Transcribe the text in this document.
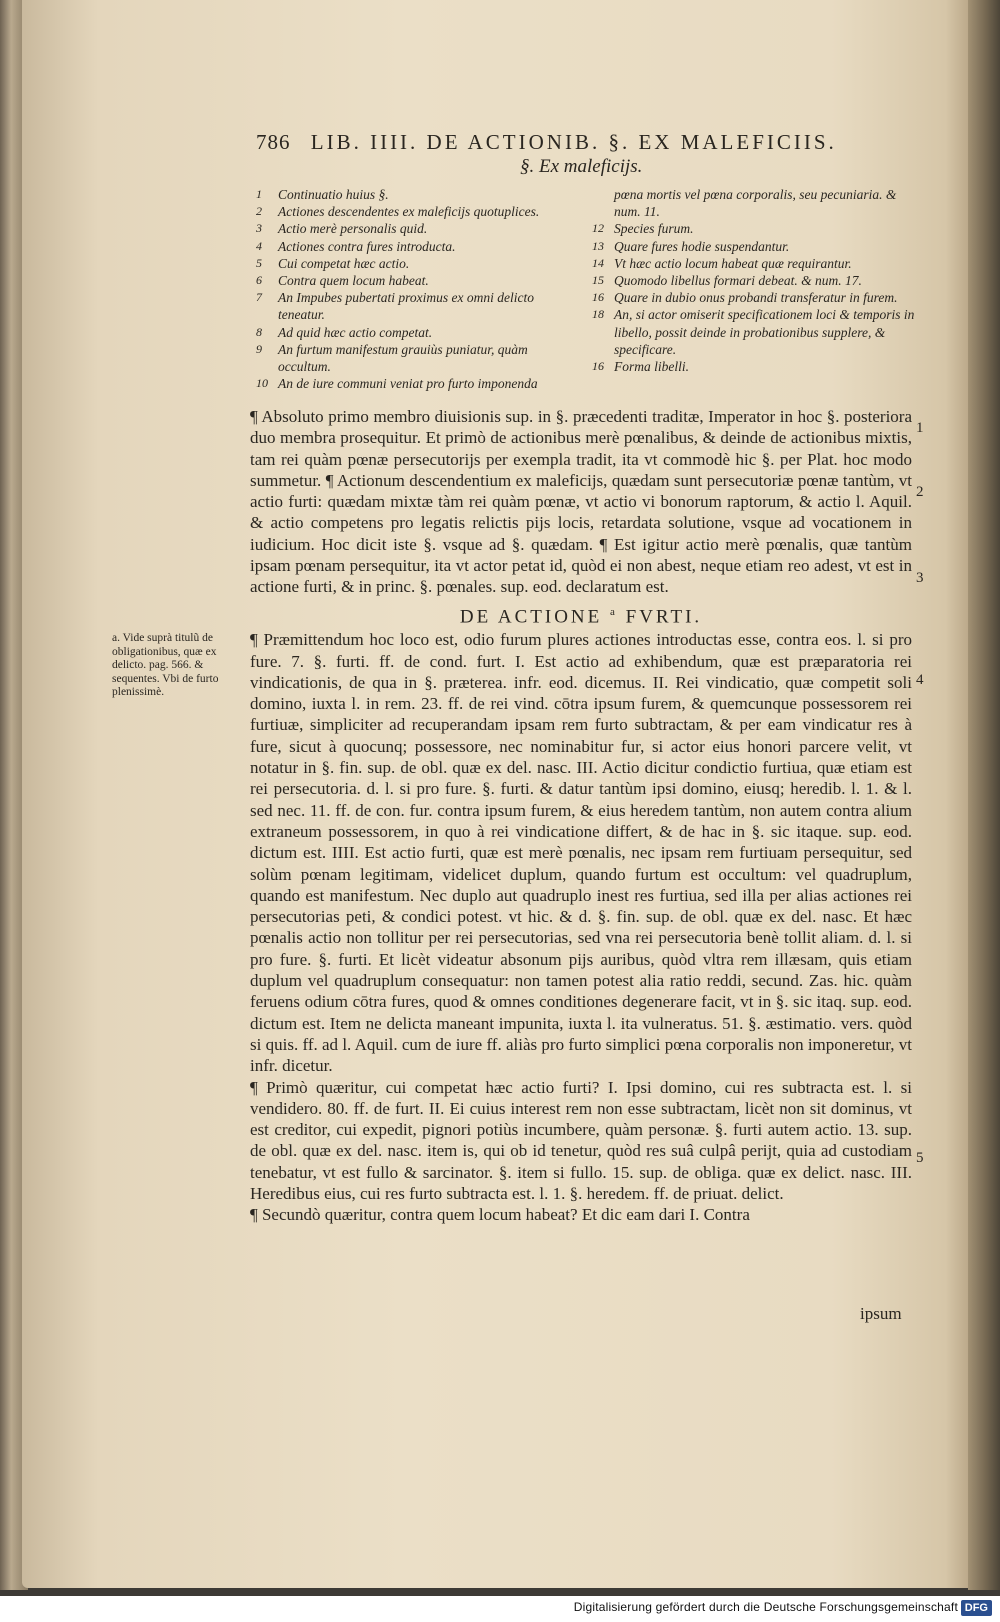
786 LIB. IIII. DE ACTIONIB. §. EX MALEFICIIS.
§. Ex maleficijs.
1	Continuatio huius §.
2	Actiones descendentes ex maleficijs quotuplices.
3	Actio merè personalis quid.
4	Actiones contra fures introducta.
5	Cui competat hæc actio.
6	Contra quem locum habeat.
7	An Impubes pubertati proximus ex omni delicto teneatur.
8	Ad quid hæc actio competat.
9	An furtum manifestum grauiùs puniatur, quàm occultum.
10 An de iure communi veniat pro furto imponenda
pœna mortis vel pœna corporalis, seu pecuniaria. & num. 11.
12 Species furum.
13 Quare fures hodie suspendantur.
14 Vt hæc actio locum habeat quæ requirantur.
15 Quomodo libellus formari debeat. & num. 17.
16 Quare in dubio onus probandi transferatur in furem.
18 An, si actor omiserit specificationem loci & temporis in libello, possit deinde in probationibus supplere, & specificare.
16 Forma libelli.

¶ Absoluto primo membro diuisionis sup. in §. præcedenti traditæ, Imperator in hoc §. posteriora duo membra prosequitur. Et primò de actionibus merè pœnalibus, & deinde de actionibus mixtis, tam rei quàm pœnæ persecutorijs per exempla tradit, ita vt commodè hic §. per Plat. hoc modo summetur. ¶ Actionum descendentium ex maleficijs, quædam sunt persecutoriæ pœnæ tantùm, vt actio furti: quædam mixtæ tàm rei quàm pœnæ, vt actio vi bonorum raptorum, & actio l. Aquil. & actio competens pro legatis relictis pijs locis, retardata solutione, vsque ad vocationem in iudicium. Hoc dicit iste §. vsque ad §. quædam. ¶ Est igitur actio merè pœnalis, quæ tantùm ipsam pœnam persequitur, ita vt actor petat id, quòd ei non abest, neque etiam reo adest, vt est in actione furti, & in princ. §. pœnales. sup. eod. declaratum est.

DE ACTIONE $^a$ FVRTI.

¶ Præmittendum hoc loco est, odio furum plures actiones introductas esse, contra eos. l. si pro fure. 7. §. furti. ff. de cond. furt. I. Est actio ad exhibendum, quæ est præparatoria rei vindicationis, de qua in §. præterea. infr. eod. dicemus. II. Rei vindicatio, quæ competit soli domino, iuxta l. in rem. 23. ff. de rei vind. cōtra ipsum furem, & quemcunque possessorem rei furtiuæ, simpliciter ad recuperandam ipsam rem furto subtractam, & per eam vindicatur res à fure, sicut à quocunq; possessore, nec nominabitur fur, si actor eius honori parcere velit, vt notatur in §. fin. sup. de obl. quæ ex del. nasc. III. Actio dicitur condictio furtiua, quæ etiam est rei persecutoria. d. l. si pro fure. §. furti. & datur tantùm ipsi domino, eiusq; heredib. l. 1. & l. sed nec. 11. ff. de con. fur. contra ipsum furem, & eius heredem tantùm, non autem contra alium extraneum possessorem, in quo à rei vindicatione differt, & de hac in §. sic itaque. sup. eod. dictum est. IIII. Est actio furti, quæ est merè pœnalis, nec ipsam rem furtiuam persequitur, sed solùm pœnam legitimam, videlicet duplum, quando furtum est occultum: vel quadruplum, quando est manifestum. Nec duplo aut quadruplo inest res furtiua, sed illa per alias actiones rei persecutorias peti, & condici potest. vt hic. & d. §. fin. sup. de obl. quæ ex del. nasc. Et hæc pœnalis actio non tollitur per rei persecutorias, sed vna rei persecutoria benè tollit aliam. d. l. si pro fure. §. furti. Et licèt videatur absonum pijs auribus, quòd vltra rem illæsam, quis etiam duplum vel quadruplum consequatur: non tamen potest alia ratio reddi, secund. Zas. hic. quàm feruens odium cōtra fures, quod & omnes conditiones degenerare facit, vt in §. sic itaq. sup. eod. dictum est. Item ne delicta maneant impunita, iuxta l. ita vulneratus. 51. §. æstimatio. vers. quòd si quis. ff. ad l. Aquil. cum de iure ff. aliàs pro furto simplici pœna corporalis non imponeretur, vt infr. dicetur.

¶ Primò quæritur, cui competat hæc actio furti? I. Ipsi domino, cui res subtracta est. l. si vendidero. 80. ff. de furt. II. Ei cuius interest rem non esse subtractam, licèt non sit dominus, vt est creditor, cui expedit, pignori potiùs incumbere, quàm personæ. §. furti autem actio. 13. sup. de obl. quæ ex del. nasc. item is, qui ob id tenetur, quòd res suâ culpâ perijt, quia ad custodiam tenebatur, vt est fullo & sarcinator. §. item si fullo. 15. sup. de obliga. quæ ex delict. nasc. III. Heredibus eius, cui res furto subtracta est. l. 1. §. heredem. ff. de priuat. delict.

¶ Secundò quæritur, contra quem locum habeat? Et dic eam dari I. Contra

ipsum
1
2
3
4
5
a. Vide suprà titulũ de obligationibus, quæ ex delicto. pag. 566. & sequentes. Vbi de furto plenissimè.
Digitalisierung gefördert durch die Deutsche Forschungsgemeinschaft DFG
